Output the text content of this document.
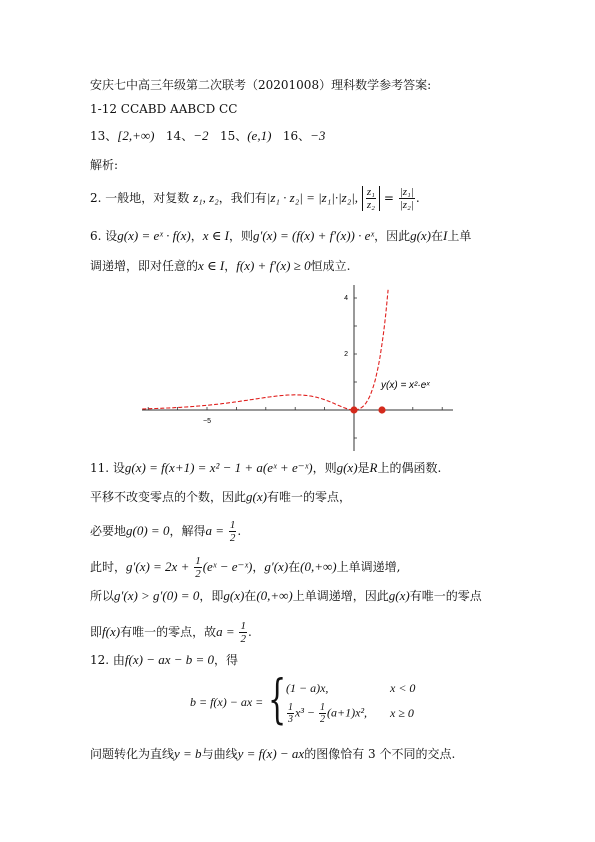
安庆七中高三年级第二次联考（20201008）理科数学参考答案:
1-12 CCABD AABCD CC
13、[2,+∞) 14、−2 15、(e,1) 16、−3
解析:
2. 一般地，对复数 z₁, z₂，我们有|z₁ · z₂| = |z₁|·|z₂|, $\frac{\text{z₁}}{\text{z₂}} = \frac{\text{|z₁|}}{\text{|z₂|}}$ .
6. 设g(x) = eˣ · f(x)，x ∈ I，则g′(x) = (f(x) + f′(x)) · eˣ，因此g(x)在I上单
调递增，即对任意的x ∈ I，f(x) + f′(x) ≥ 0恒成立.
−5
4
2
y(x) = x²·eˣ
11. 设g(x) = f(x+1) = x² − 1 + a(eˣ + e⁻ˣ)，则g(x)是R上的偶函数.
平移不改变零点的个数，因此g(x)有唯一的零点，
必要地g(0) = 0，解得$a = \frac{1}{2}$ .
此时，$g'(x) = 2x + \frac{1}{2}$ (eˣ − e⁻ˣ)，g′(x)在(0,+∞)上单调递增,
所以g′(x) > g′(0) = 0，即g(x)在(0,+∞)上单调递增，因此g(x)有唯一的零点
即f(x)有唯一的零点，故$a = \frac{1}{2}$ .
12. 由f(x) − ax − b = 0，得
b = f(x) − ax = { (1 − a)x,	x < 0
$\frac{1}{3} x^3 - \frac{1}{2} (a+1)x^2$, x ≥ 0
问题转化为直线y = b与曲线y = f(x) − ax的图像恰有 3 个不同的交点.
